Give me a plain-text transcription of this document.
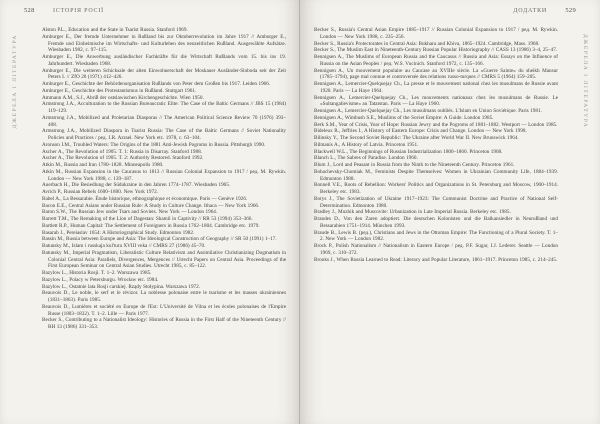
528	ІСТОРІЯ РОСІЇ
ДЖЕРЕЛА І ЛІТЕРАТУРА

Alston P.L., Education and the State in Tsarist Russia. Stanford 1969.

Amburger E., Der fremde Unternehmer in Rußland bis zur Oktoberrevolution im Jahre 1917 // Amburger E., Fremde und Einheimische im Wirtschafts- und Kulturleben des neuzeitlichen Rußland. Ausgewählte Aufsätze. Wiesbaden 1982, с. 97–115.

Amburger E., Die Anwerbung ausländischer Fachkräfte für die Wirtschaft Rußlands vom 15. bis ins 19. Jahrhundert. Wiesbaden 1968.

Amburger E., Die weiteren Schicksale der alten Einwohnerschaft der Moskauer Ausländer-Sloboda seit der Zeit Peters I. // ZfO 20 (1971) 412–426.

Amburger E., Geschichte der Behördenorganisation Rußlands von Peter dem Großen bis 1917. Leiden 1966.

Amburger E., Geschichte des Protestantismus in Rußland. Stuttgart 1961.

Ammann A.M., S.J., Abriß der ostslawischen Kirchengeschichte. Wien 1950.

Armstrong J.A., Acculturation to the Russian Bureaucratic Elite: The Case of the Baltic Germans // JBS 15 (1984) 119–129.

Armstrong J.A., Mobilized and Proletarian Diasporas // The American Political Science Review 70 (1976) 393–408.

Armstrong J.A., Mobilized Diaspora in Tsarist Russia: The Case of the Baltic Germans // Soviet Nationality Policies and Practices / ред. J.R. Azrael. New York etc. 1978, с. 63–104.

Aronson I.M., Troubled Waters: The Origins of the 1881 Anti-Jewish Pogroms in Russia. Pittsburgh 1990.

Ascher A., The Revolution of 1905. T. 1: Russia in Disarray. Stanford 1988.

Ascher A., The Revolution of 1905. T. 2: Authority Restored. Stanford 1992.

Atkin M., Russia and Iran 1780–1828. Minneapolis 1980.

Atkin M., Russian Expansion in the Caucasus to 1813 // Russian Colonial Expansion to 1917 / ред. M. Rywkin. London — New York 1988, с. 139–187.

Auerbach H., Die Besiedlung der Südukraine in den Jahren 1774–1787. Wiesbaden 1965.

Avrich P., Russian Rebels 1600–1800. New York 1972.

Babel A., La Bessarabie. Étude historique, ethnographique et économique. Paris — Genève 1926.

Bacon E.E., Central Asians under Russian Rule: A Study in Culture Change. Ithaca — New York 1966.

Baron S.W., The Russian Jew under Tsars and Soviets. New York — London 1964.

Barrett T.M., The Remaking of the Lion of Dagestan: Shamil in Captivity // RR 53 (1994) 353–366.

Bartlett R.P., Human Capital: The Settlement of Foreigners in Russia 1762–1804. Cambridge etc. 1979.

Basarab J., Pereiaslav 1654: A Historiographical Study. Edmonton 1982.

Bassin M., Russia between Europe and Asia: The Ideological Construction of Geography // SR 50 (1991) 1–17.

Batunsky M., Islam i russkaja kul'tura XVIII veka // CMRS 27 (1986) 45–70.

Batunsky M., Imperial Pragmatism, Liberalistic Culture Relativism and Assimilative Christianizing Dogmatism in Colonial Central Asia: Parallels, Divergences, Mergences // Utrecht Papers on Central Asia. Proceedings of the First European Seminar on Central Asian Studies. Utrecht 1985, с. 85–122.

Bazylow L., Historia Rosji. T. 1–2. Warszawa 1985.

Bazylow L., Polacy w Petersburgu. Wrocław etc. 1984.

Bazylow L., Ostatnie lata Rosji carskiej. Rządy Stołypina. Warszawa 1972.

Beauvois D., Le noble, le serf et le révizor. La noblesse polonaise entre le tsarisme et les masses ukrainiennes (1831–1863). Paris 1985.

Beauvois D., Lumières et société en Europe de l'Est: L'Université de Vilna et les écoles polonaises de l'Empire Russe (1803–1832). T. 1–2. Lille — Paris 1977.

Becker S., Contributing to a Nationalist Ideology: Histories of Russia in the First Half of the Nineteenth Century // RH 13 (1986) 331–353.

ДОДАТКИ	529
ДЖЕРЕЛА І ЛІТЕРАТУРА

Becker S., Russia's Central Asian Empire 1885–1917 // Russian Colonial Expansion to 1917 / ред. M. Rywkin. London — New York 1988, с. 235–256.

Becker S., Russia's Protectorates in Central Asia: Bukhara and Khiva, 1865–1924. Cambridge, Mass. 1968.

Becker S., The Muslim East in Nineteenth-Century Russian Popular Historiography // CASS 13 (1986) 3–4, 25–47.

Bennigsen A., The Muslims of European Russia and the Caucasus // Russia and Asia: Essays on the Influence of Russia on the Asian Peoples / ред. W.S. Vucinich. Stanford 1972, с. 135–166.

Bennigsen A., Un mouvement populaire au Caucase au XVIIIe siècle. La «Guerre Sainte» du sheikh Mansur (1785–1794), page mal connue et controversée des relations russo-turques // CMRS 5 (1964) 159–205.

Bennigsen A., Lemercier-Quelquejay Ch., La presse et le mouvement national chez les musulmans de Russie avant 1920. Paris — La Haye 1964.

Bennigsen A., Lemercier-Quelquejay Ch., Les mouvements nationaux chez les musulmans de Russie. Le «Sultangalievisme» au Tatarstan. Paris — La Haye 1960.

Bennigsen A., Lemercier-Quelquejay Ch., Les musulmans oubliés. L'Islam en Union Soviétique. Paris 1981.

Bennigsen A., Wimbush S.E., Muslims of the Soviet Empire: A Guide. London 1985.

Berk S.M., Year of Crisis, Year of Hope: Russian Jewry and the Pogroms of 1881–1882. Westport — London 1985.

Bideleux R., Jeffries I., A History of Eastern Europe: Crisis and Change. London — New York 1998.

Bilinsky Y., The Second Soviet Republic: The Ukraine after World War II. New Brunswick 1964.

Bilmanis A., A History of Latvia. Princeton 1951.

Blackwell W.L., The Beginnings of Russian Industrialization 1800–1860. Princeton 1968.

Blanch L., The Sabres of Paradise. London 1960.

Blum J., Lord and Peasant in Russia from the Ninth to the Nineteenth Century. Princeton 1961.

Bohachevsky-Chomiak M., Feminists Despite Themselves: Women in Ukrainian Community Life, 1884–1939. Edmonton 1988.

Bonnell V.E., Roots of Rebellion: Workers' Politics and Organizations in St. Petersburg and Moscow, 1900–1914. Berkeley etc. 1983.

Borys J., The Sovietization of Ukraine 1917–1923: The Communist Doctrine and Practice of National Self-Determination. Edmonton 1980.

Bradley J., Muzhik and Muscovite: Urbanization in Late Imperial Russia. Berkeley etc. 1985.

Brandes D., Von den Zaren adoptiert. Die deutschen Kolonisten und die Balkansiedler in Neurußland und Bessarabien 1751–1914. München 1993.

Braude B., Lewis B. (ред.), Christians and Jews in the Ottoman Empire: The Functioning of a Plural Society. T. 1–2. New York — London 1982.

Brock P., Polish Nationalism // Nationalism in Eastern Europe / ред. P.F. Sugar, I.J. Lederer. Seattle — London 1969, с. 310–372.

Brooks J., When Russia Learned to Read: Literacy and Popular Literature, 1861–1917. Princeton 1985, с. 214–245.
